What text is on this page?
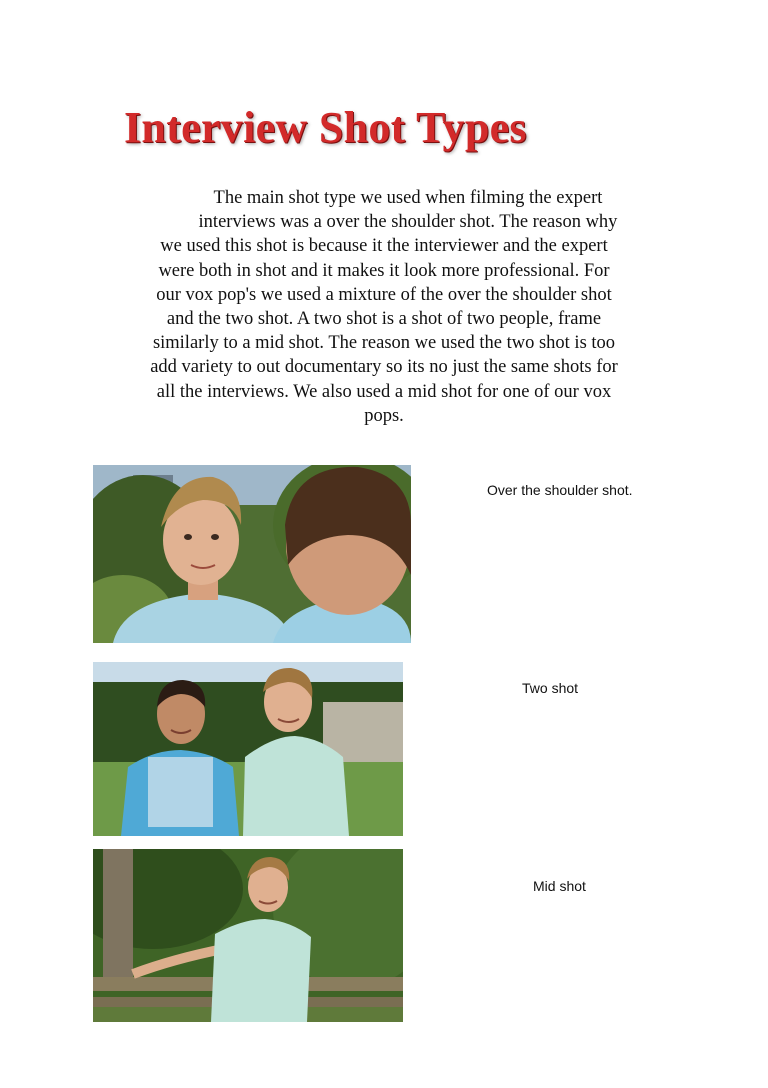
Interview Shot Types
The main shot type we used when filming the expert
interviews was a over the shoulder shot. The reason why
we used this shot is because it the interviewer and the expert
were both in shot and it makes it look more professional. For
our vox pop's we used a mixture of the over the shoulder shot
and the two shot. A two shot is a shot of two people, frame
similarly to a mid shot. The reason we used the two shot is too
add variety to out documentary so its no just the same shots for
all the interviews. We also used a mid shot for one of our vox
pops.
Over the shoulder shot.
Two shot
Mid shot
